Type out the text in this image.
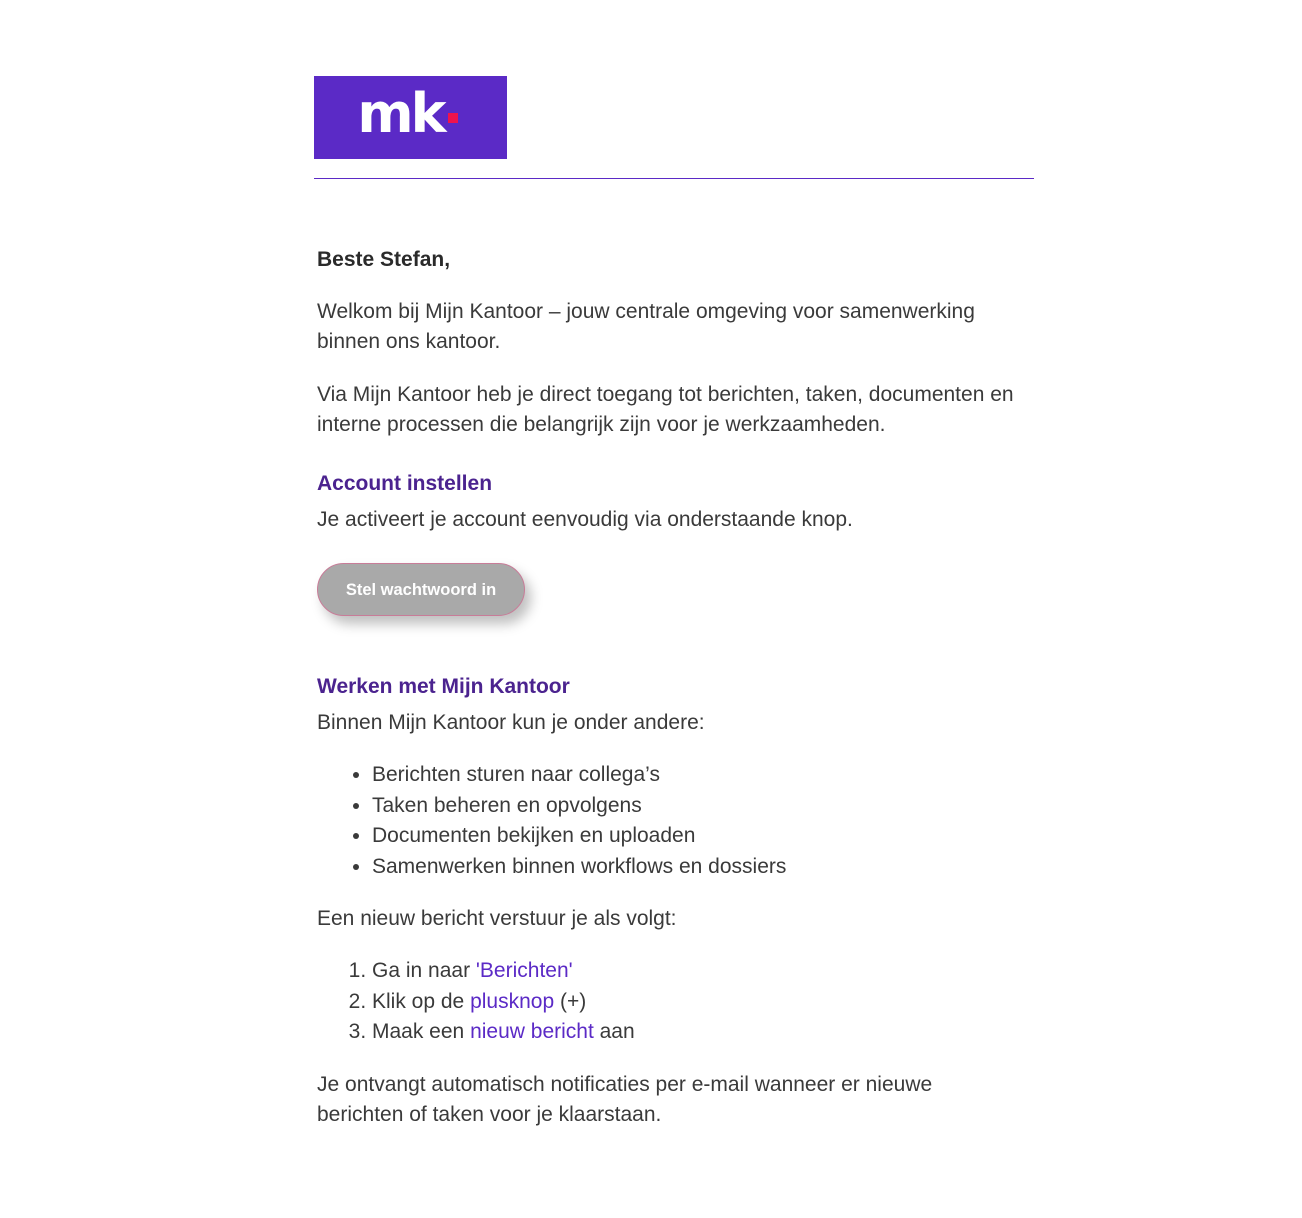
mk
Beste Stefan,

Welkom bij Mijn Kantoor – jouw centrale omgeving voor samenwerking binnen ons kantoor.

Via Mijn Kantoor heb je direct toegang tot berichten, taken, documenten en interne processen die belangrijk zijn voor je werkzaamheden.

Account instellen

Je activeert je account eenvoudig via onderstaande knop.

Stel wachtwoord in
Werken met Mijn Kantoor

Binnen Mijn Kantoor kun je onder andere:

• Berichten sturen naar collega’s
• Taken beheren en opvolgens
• Documenten bekijken en uploaden
• Samenwerken binnen workflows en dossiers

Een nieuw bericht verstuur je als volgt:

1. Ga in naar 'Berichten'
2. Klik op de plusknop (+)
3. Maak een nieuw bericht aan

Je ontvangt automatisch notificaties per e-mail wanneer er nieuwe berichten of taken voor je klaarstaan.
